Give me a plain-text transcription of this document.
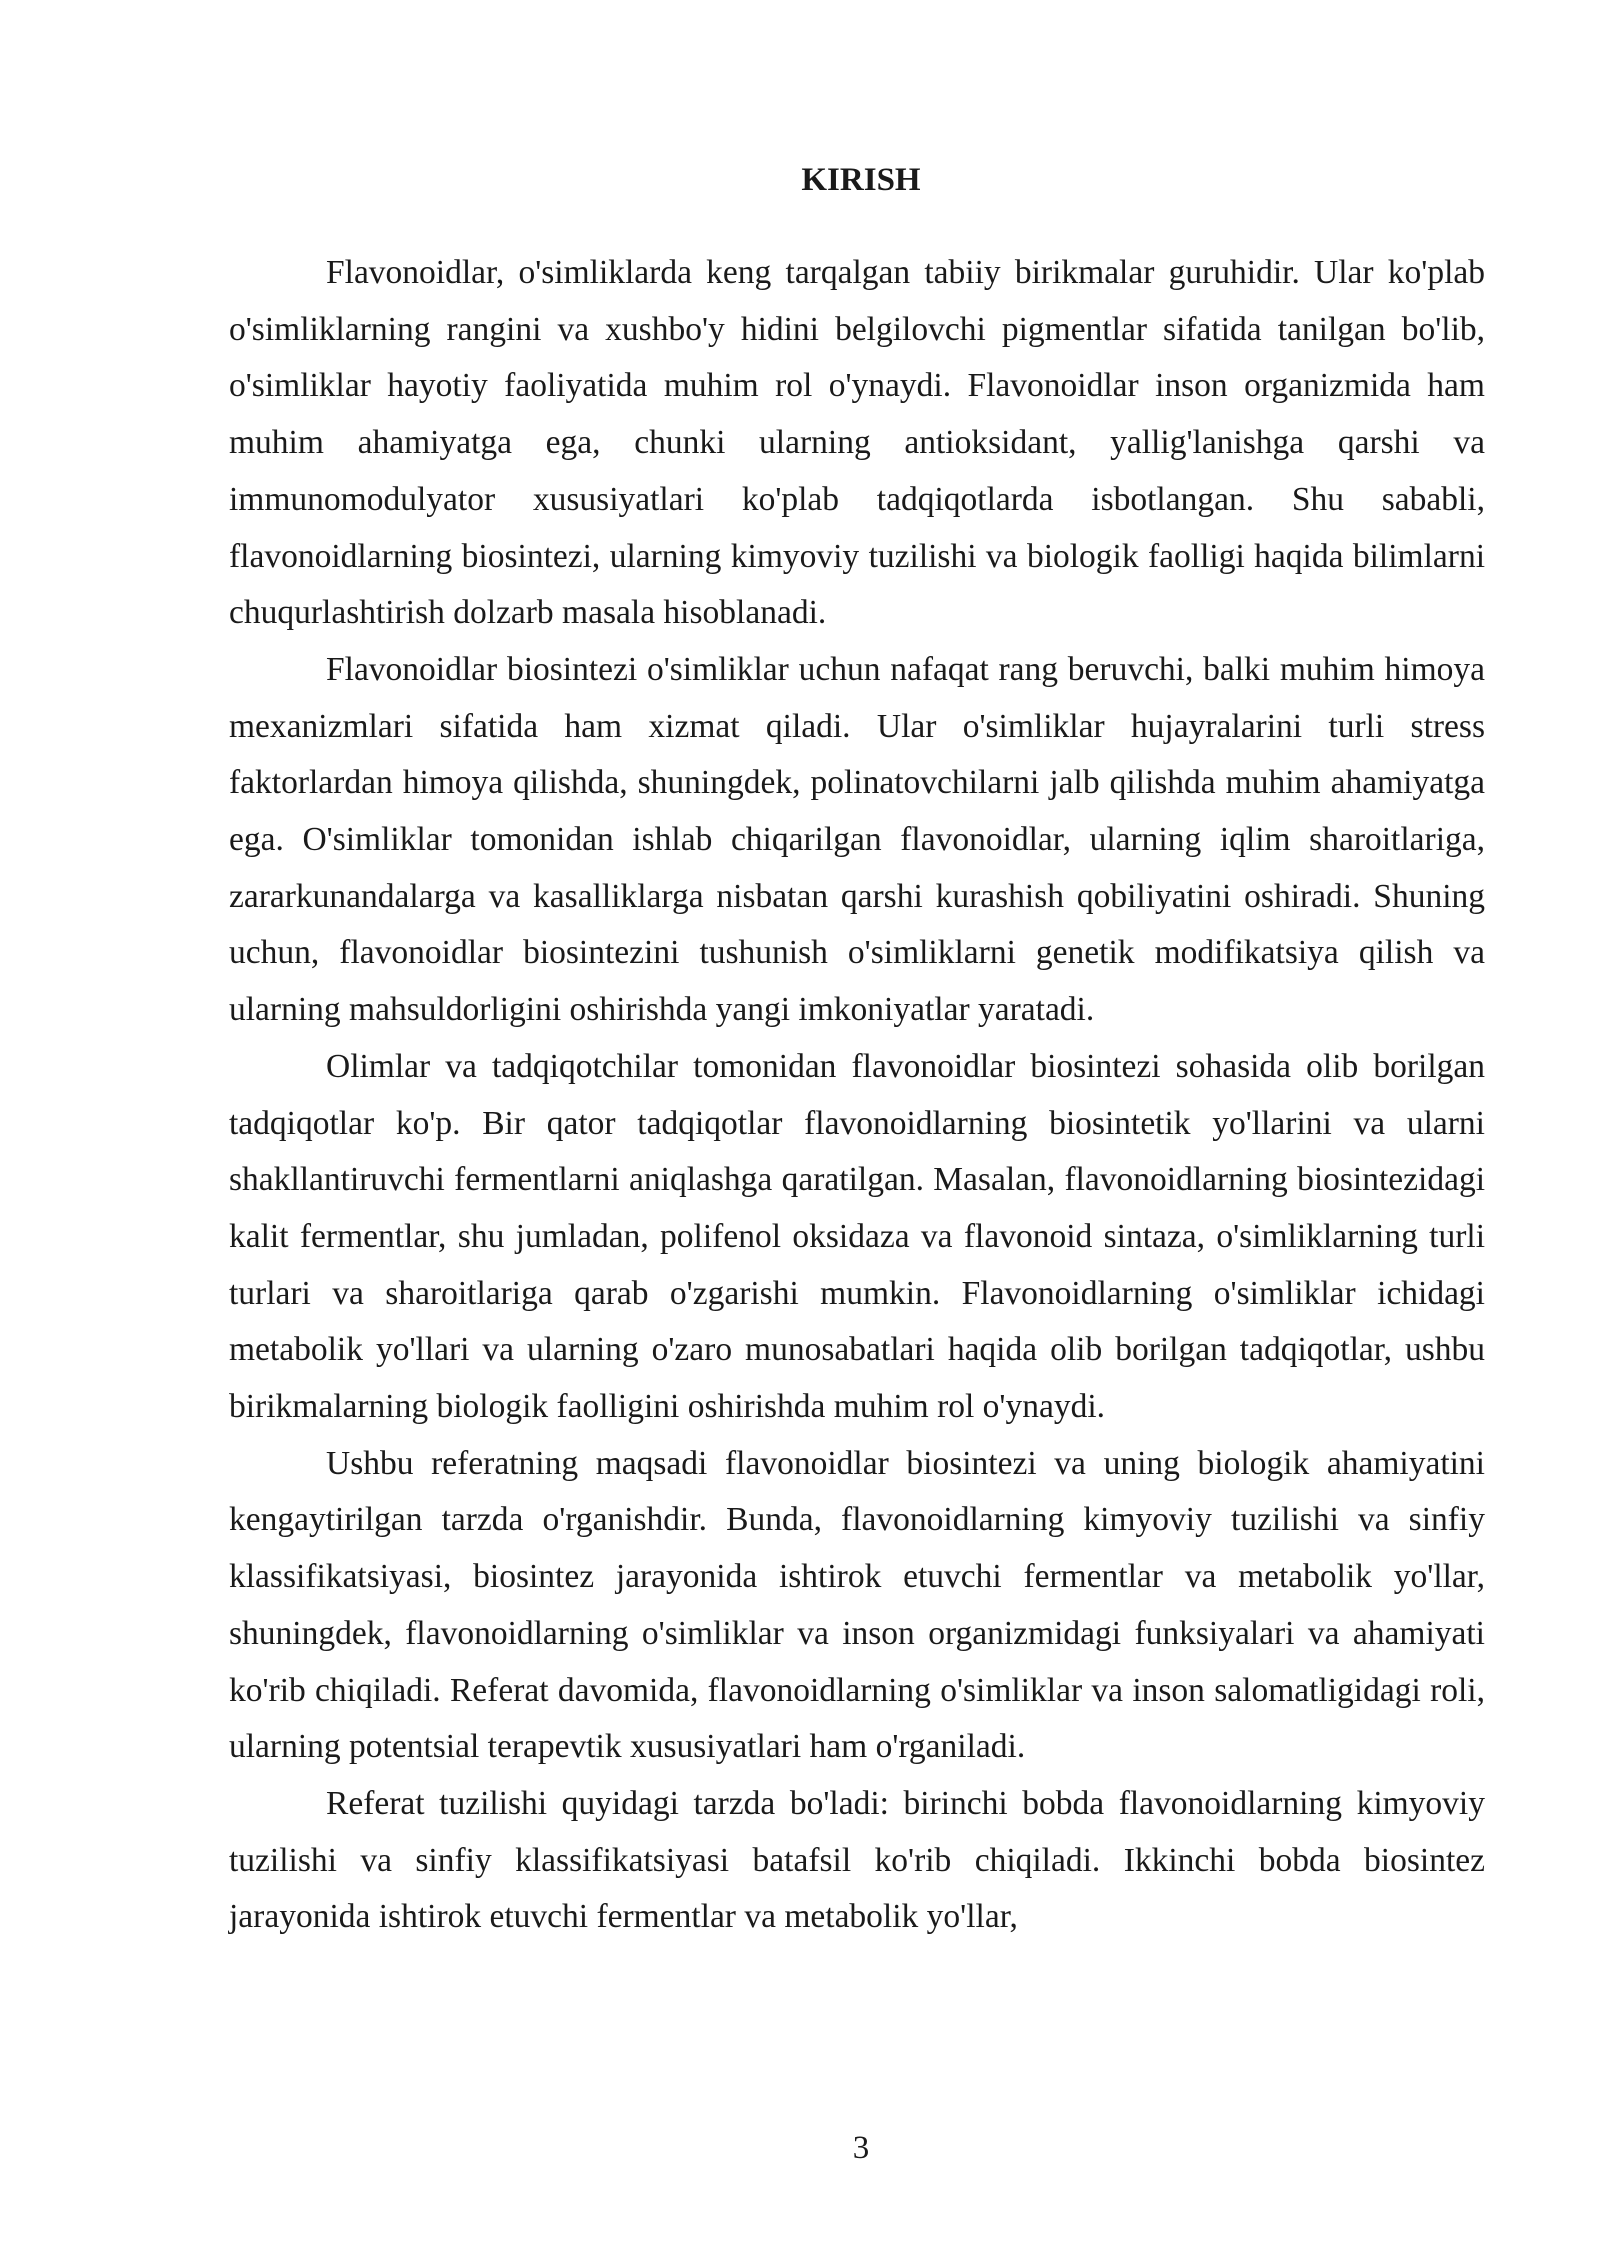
KIRISH

Flavonoidlar, o'simliklarda keng tarqalgan tabiiy birikmalar guruhidir. Ular ko'plab o'simliklarning rangini va xushbo'y hidini belgilovchi pigmentlar sifatida tanilgan bo'lib, o'simliklar hayotiy faoliyatida muhim rol o'ynaydi. Flavonoidlar inson organizmida ham muhim ahamiyatga ega, chunki ularning antioksidant, yallig'lanishga qarshi va immunomodulyator xususiyatlari ko'plab tadqiqotlarda isbotlangan. Shu sababli, flavonoidlarning biosintezi, ularning kimyoviy tuzilishi va biologik faolligi haqida bilimlarni chuqurlashtirish dolzarb masala hisoblanadi.

Flavonoidlar biosintezi o'simliklar uchun nafaqat rang beruvchi, balki muhim himoya mexanizmlari sifatida ham xizmat qiladi. Ular o'simliklar hujayralarini turli stress faktorlardan himoya qilishda, shuningdek, polinatovchilarni jalb qilishda muhim ahamiyatga ega. O'simliklar tomonidan ishlab chiqarilgan flavonoidlar, ularning iqlim sharoitlariga, zararkunandalarga va kasalliklarga nisbatan qarshi kurashish qobiliyatini oshiradi. Shuning uchun, flavonoidlar biosintezini tushunish o'simliklarni genetik modifikatsiya qilish va ularning mahsuldorligini oshirishda yangi imkoniyatlar yaratadi.

Olimlar va tadqiqotchilar tomonidan flavonoidlar biosintezi sohasida olib borilgan tadqiqotlar ko'p. Bir qator tadqiqotlar flavonoidlarning biosintetik yo'llarini va ularni shakllantiruvchi fermentlarni aniqlashga qaratilgan. Masalan, flavonoidlarning biosintezidagi kalit fermentlar, shu jumladan, polifenol oksidaza va flavonoid sintaza, o'simliklarning turli turlari va sharoitlariga qarab o'zgarishi mumkin. Flavonoidlarning o'simliklar ichidagi metabolik yo'llari va ularning o'zaro munosabatlari haqida olib borilgan tadqiqotlar, ushbu birikmalarning biologik faolligini oshirishda muhim rol o'ynaydi.

Ushbu referatning maqsadi flavonoidlar biosintezi va uning biologik ahamiyatini kengaytirilgan tarzda o'rganishdir. Bunda, flavonoidlarning kimyoviy tuzilishi va sinfiy klassifikatsiyasi, biosintez jarayonida ishtirok etuvchi fermentlar va metabolik yo'llar, shuningdek, flavonoidlarning o'simliklar va inson organizmidagi funksiyalari va ahamiyati ko'rib chiqiladi. Referat davomida, flavonoidlarning o'simliklar va inson salomatligidagi roli, ularning potentsial terapevtik xususiyatlari ham o'rganiladi.

Referat tuzilishi quyidagi tarzda bo'ladi: birinchi bobda flavonoidlarning kimyoviy tuzilishi va sinfiy klassifikatsiyasi batafsil ko'rib chiqiladi. Ikkinchi bobda biosintez jarayonida ishtirok etuvchi fermentlar va metabolik yo'llar,

3
